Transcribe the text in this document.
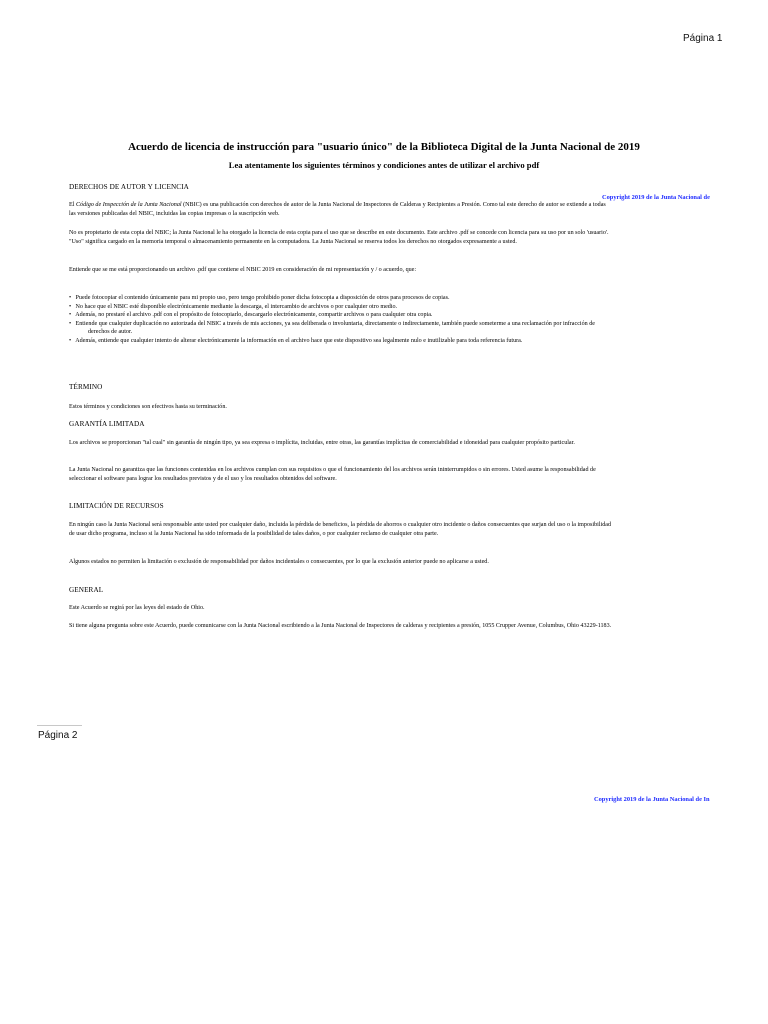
Página 1
Acuerdo de licencia de instrucción para "usuario único" de la Biblioteca Digital de la Junta Nacional de 2019
Lea atentamente los siguientes términos y condiciones antes de utilizar el archivo pdf
Copyright 2019 de la Junta Nacional de
DERECHOS DE AUTOR Y LICENCIA

El Código de Inspección de la Junta Nacional (NBIC) es una publicación con derechos de autor de la Junta Nacional de Inspectores de Calderas y Recipientes a Presión. Como tal este derecho de autor se extiende a todas las versiones publicadas del NBIC, incluidas las copias impresas o la suscripción web.

No es propietario de esta copia del NBIC; la Junta Nacional le ha otorgado la licencia de esta copia para el uso que se describe en este documento. Este archivo .pdf se concede con licencia para su uso por un solo 'usuario'. "Uso" significa cargado en la memoria temporal o almacenamiento permanente en la computadora. La Junta Nacional se reserva todos los derechos no otorgados expresamente a usted.

Entiende que se me está proporcionando un archivo .pdf que contiene el NBIC 2019 en consideración de mi representación y / o acuerdo, que:

• Puede fotocopiar el contenido únicamente para mi propio uso, pero tengo prohibido poner dicha fotocopia a disposición de otros para procesos de copias.
• No hace que el NBIC esté disponible electrónicamente mediante la descarga, el intercambio de archivos o por cualquier otro medio.
• Además, no prestaré el archivo .pdf con el propósito de fotocopiarlo, descargarlo electrónicamente, compartir archivos o para cualquier otra copia.
• Entiende que cualquier duplicación no autorizada del NBIC a través de mis acciones, ya sea deliberada o involuntaria, directamente o indirectamente, también puede someterme a una reclamación por infracción de derechos de autor.
• Además, entiende que cualquier intento de alterar electrónicamente la información en el archivo hace que este dispositivo sea legalmente nulo e inutilizable para toda referencia futura.
TÉRMINO

Estos términos y condiciones son efectivos hasta su terminación.

GARANTÍA LIMITADA

Los archivos se proporcionan "tal cual" sin garantía de ningún tipo, ya sea expresa o implícita, incluidas, entre otras, las garantías implícitas de comerciabilidad e idoneidad para cualquier propósito particular.

La Junta Nacional no garantiza que las funciones contenidas en los archivos cumplan con sus requisitos o que el funcionamiento del los archivos serán ininterrumpidos o sin errores. Usted asume la responsabilidad de seleccionar el software para lograr los resultados previstos y de el uso y los resultados obtenidos del software.

LIMITACIÓN DE RECURSOS

En ningún caso la Junta Nacional será responsable ante usted por cualquier daño, incluida la pérdida de beneficios, la pérdida de ahorros o cualquier otro incidente o daños consecuentes que surjan del uso o la imposibilidad de usar dicho programa, incluso si la Junta Nacional ha sido informada de la posibilidad de tales daños, o por cualquier reclamo de cualquier otra parte.

Algunos estados no permiten la limitación o exclusión de responsabilidad por daños incidentales o consecuentes, por lo que la exclusión anterior puede no aplicarse a usted.

GENERAL

Este Acuerdo se regirá por las leyes del estado de Ohio.

Si tiene alguna pregunta sobre este Acuerdo, puede comunicarse con la Junta Nacional escribiendo a la Junta Nacional de Inspectores de calderas y recipientes a presión, 1055 Crupper Avenue, Columbus, Ohio 43229-1183.

Página 2
Copyright 2019 de la Junta Nacional de In
